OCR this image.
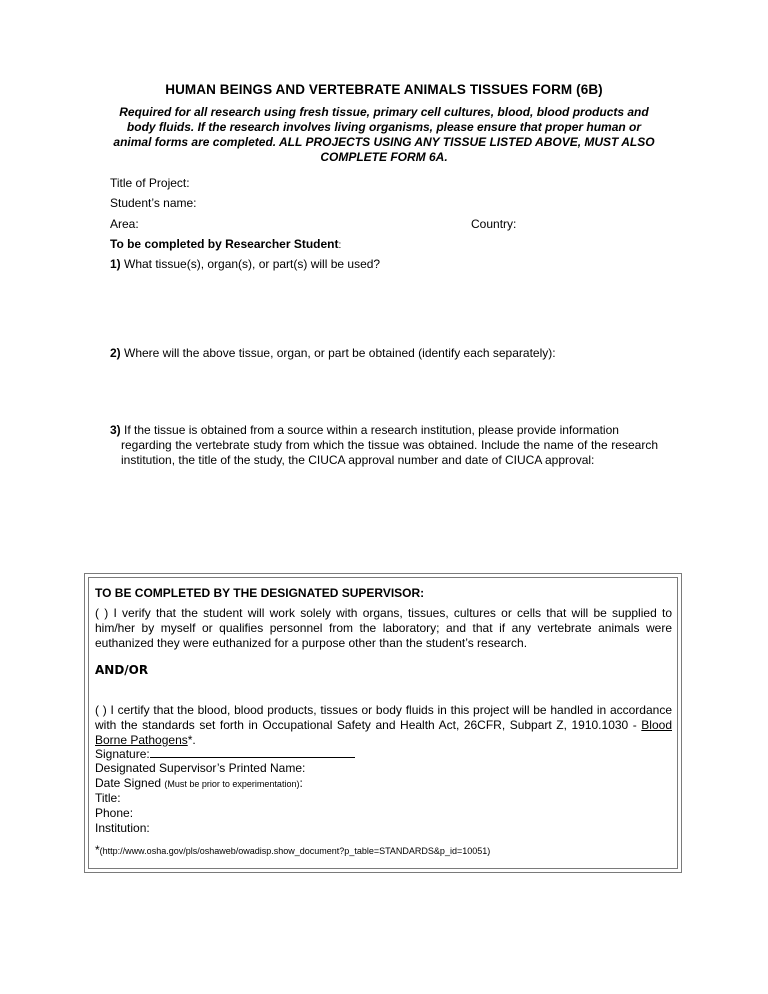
HUMAN BEINGS AND VERTEBRATE ANIMALS TISSUES FORM (6B)
Required for all research using fresh tissue, primary cell cultures, blood, blood products and body fluids. If the research involves living organisms, please ensure that proper human or animal forms are completed. ALL PROJECTS USING ANY TISSUE LISTED ABOVE, MUST ALSO COMPLETE FORM 6A.
Title of Project:
Student’s name:
Area:	Country:
To be completed by Researcher Student:
1) What tissue(s), organ(s), or part(s) will be used?
2) Where will the above tissue, organ, or part be obtained (identify each separately):
3) If the tissue is obtained from a source within a research institution, please provide information
regarding the vertebrate study from which the tissue was obtained. Include the name of the research institution, the title of the study, the CIUCA approval number and date of CIUCA approval:
TO BE COMPLETED BY THE DESIGNATED SUPERVISOR:
( ) I verify that the student will work solely with organs, tissues, cultures or cells that will be supplied to him/her by myself or qualifies personnel from the laboratory; and that if any vertebrate animals were euthanized they were euthanized for a purpose other than the student’s research.
AND/OR
( ) I certify that the blood, blood products, tissues or body fluids in this project will be handled in accordance with the standards set forth in Occupational Safety and Health Act, 26CFR, Subpart Z, 1910.1030 - Blood Borne Pathogens*.
Signature:
Designated Supervisor’s Printed Name:
Date Signed (Must be prior to experimentation):
Title:
Phone:
Institution:
*(http://www.osha.gov/pls/oshaweb/owadisp.show_document?p_table=STANDARDS&p_id=10051)
